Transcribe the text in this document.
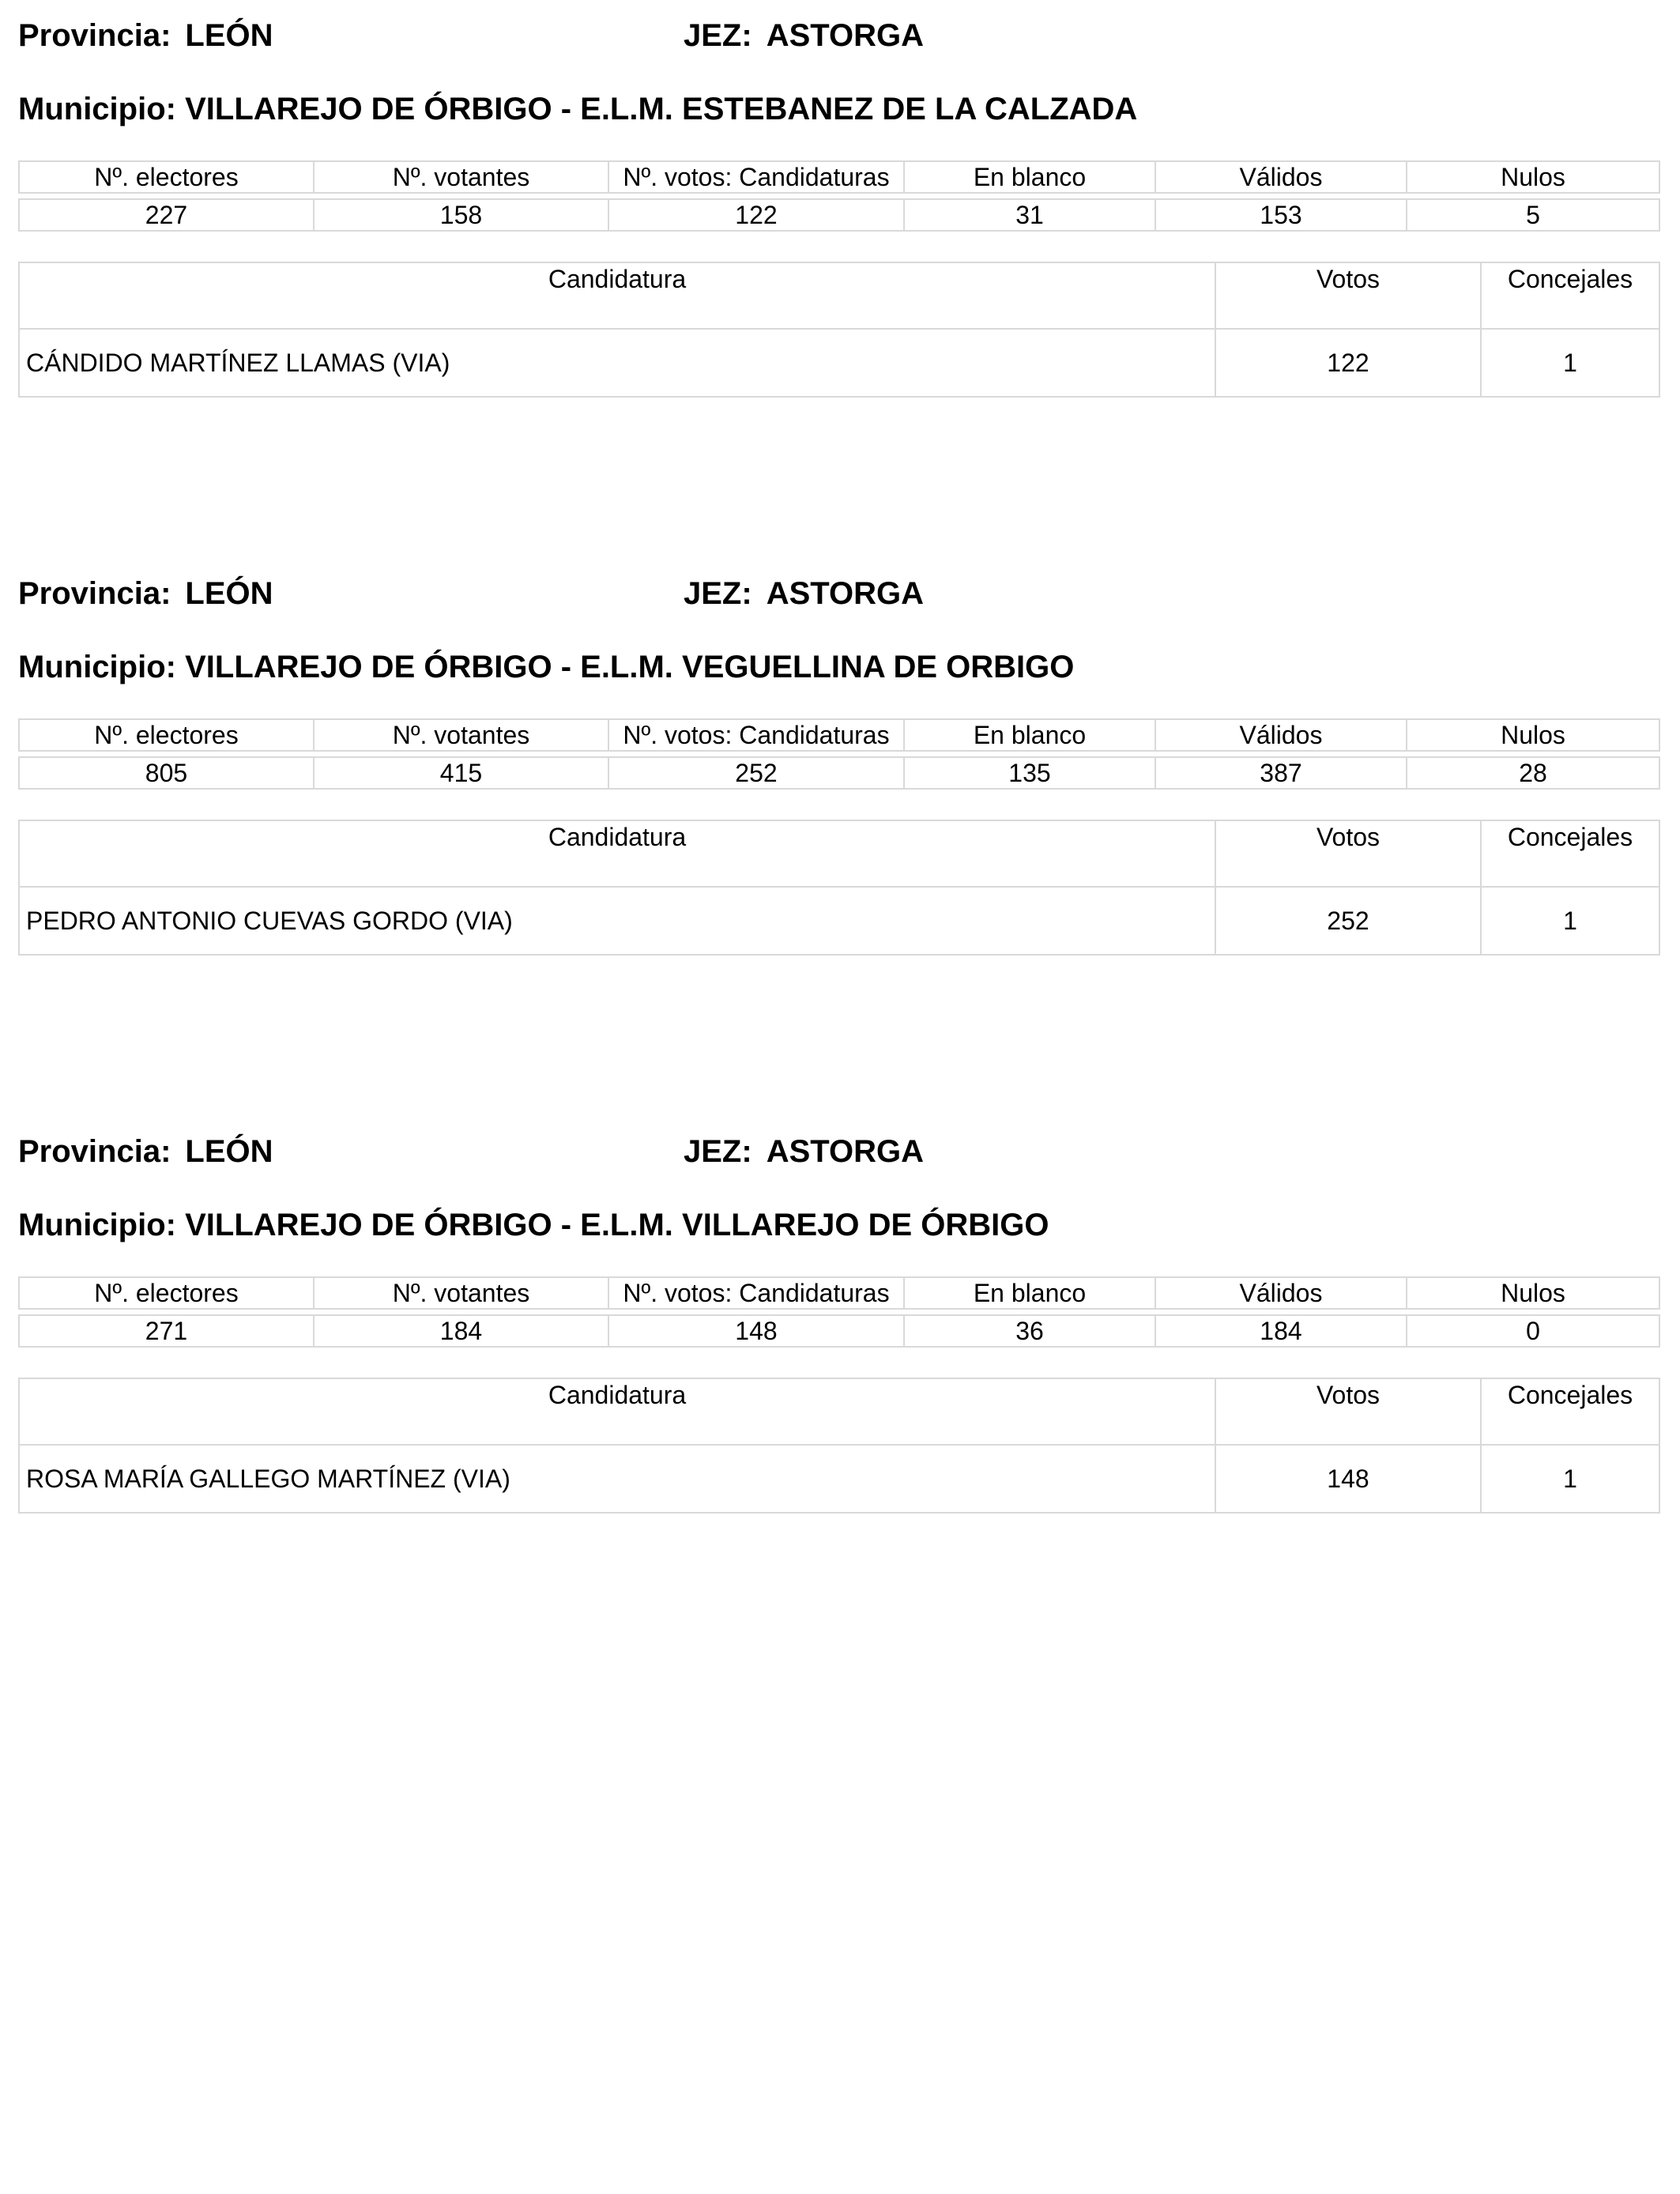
Provincia: LEÓN	JEZ: ASTORGA
Municipio: VILLAREJO DE ÓRBIGO - E.L.M. ESTEBANEZ DE LA CALZADA
Nº. electores	Nº. votantes	Nº. votos: Candidaturas	En blanco	Válidos	Nulos

227	158	122	31	153	5
Candidatura	Votos	Concejales
CÁNDIDO MARTÍNEZ LLAMAS (VIA)	122	1
Provincia: LEÓN	JEZ: ASTORGA
Municipio: VILLAREJO DE ÓRBIGO - E.L.M. VEGUELLINA DE ORBIGO
Nº. electores	Nº. votantes	Nº. votos: Candidaturas	En blanco	Válidos	Nulos

805	415	252	135	387	28
Candidatura	Votos	Concejales
PEDRO ANTONIO CUEVAS GORDO (VIA)	252	1
Provincia: LEÓN	JEZ: ASTORGA
Municipio: VILLAREJO DE ÓRBIGO - E.L.M. VILLAREJO DE ÓRBIGO
Nº. electores	Nº. votantes	Nº. votos: Candidaturas	En blanco	Válidos	Nulos

271	184	148	36	184	0
Candidatura	Votos	Concejales
ROSA MARÍA GALLEGO MARTÍNEZ (VIA)	148	1
